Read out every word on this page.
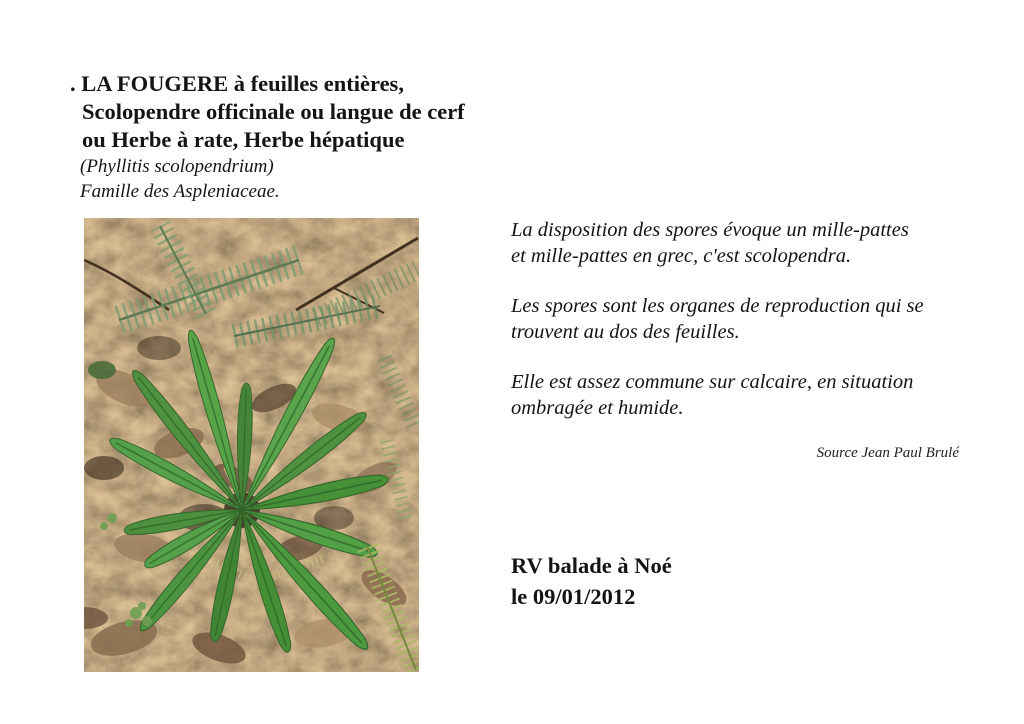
. LA FOUGERE à feuilles entières,
Scolopendre officinale ou langue de cerf
ou Herbe à rate, Herbe hépatique
(Phyllitis scolopendrium)
Famille des Aspleniaceae.
La disposition des spores évoque un mille-pattes
et mille-pattes en grec, c'est scolopendra.
Les spores sont les organes de reproduction qui se
trouvent au dos des feuilles.
Elle est assez commune sur calcaire, en situation
ombragée et humide.
Source Jean Paul Brulé
RV balade à Noé
le 09/01/2012
